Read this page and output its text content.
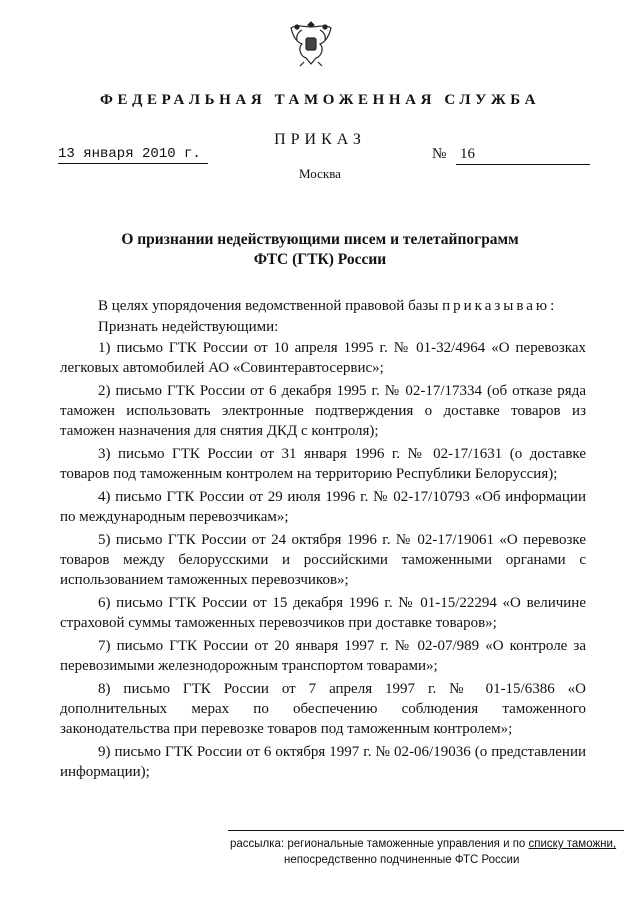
ФЕДЕРАЛЬНАЯ ТАМОЖЕННАЯ СЛУЖБА
ПРИКАЗ
13 января 2010 г.	№ 16
Москва
О признании недействующими писем и телетайпограмм
ФТС (ГТК) России

В целях упорядочения ведомственной правовой базы приказываю:

Признать недействующими:

1) письмо ГТК России от 10 апреля 1995 г. № 01-32/4964 «О перевозках легковых автомобилей АО «Совинтеравтосервис»;

2) письмо ГТК России от 6 декабря 1995 г. № 02-17/17334 (об отказе ряда таможен использовать электронные подтверждения о доставке товаров из таможен назначения для снятия ДКД с контроля);

3) письмо ГТК России от 31 января 1996 г. № 02-17/1631 (о доставке товаров под таможенным контролем на территорию Республики Белоруссия);

4) письмо ГТК России от 29 июля 1996 г. № 02-17/10793 «Об информации по международным перевозчикам»;

5) письмо ГТК России от 24 октября 1996 г. № 02-17/19061 «О перевозке товаров между белорусскими и российскими таможенными органами с использованием таможенных перевозчиков»;

6) письмо ГТК России от 15 декабря 1996 г. № 01-15/22294 «О величине страховой суммы таможенных перевозчиков при доставке товаров»;

7) письмо ГТК России от 20 января 1997 г. № 02-07/989 «О контроле за перевозимыми железнодорожным транспортом товарами»;

8) письмо ГТК России от 7 апреля 1997 г. № 01-15/6386 «О дополнительных мерах по обеспечению соблюдения таможенного законодательства при перевозке товаров под таможенным контролем»;

9) письмо ГТК России от 6 октября 1997 г. № 02-06/19036 (о представлении информации);

рассылка: региональные таможенные управления и по списку таможни,
непосредственно подчиненные ФТС России
